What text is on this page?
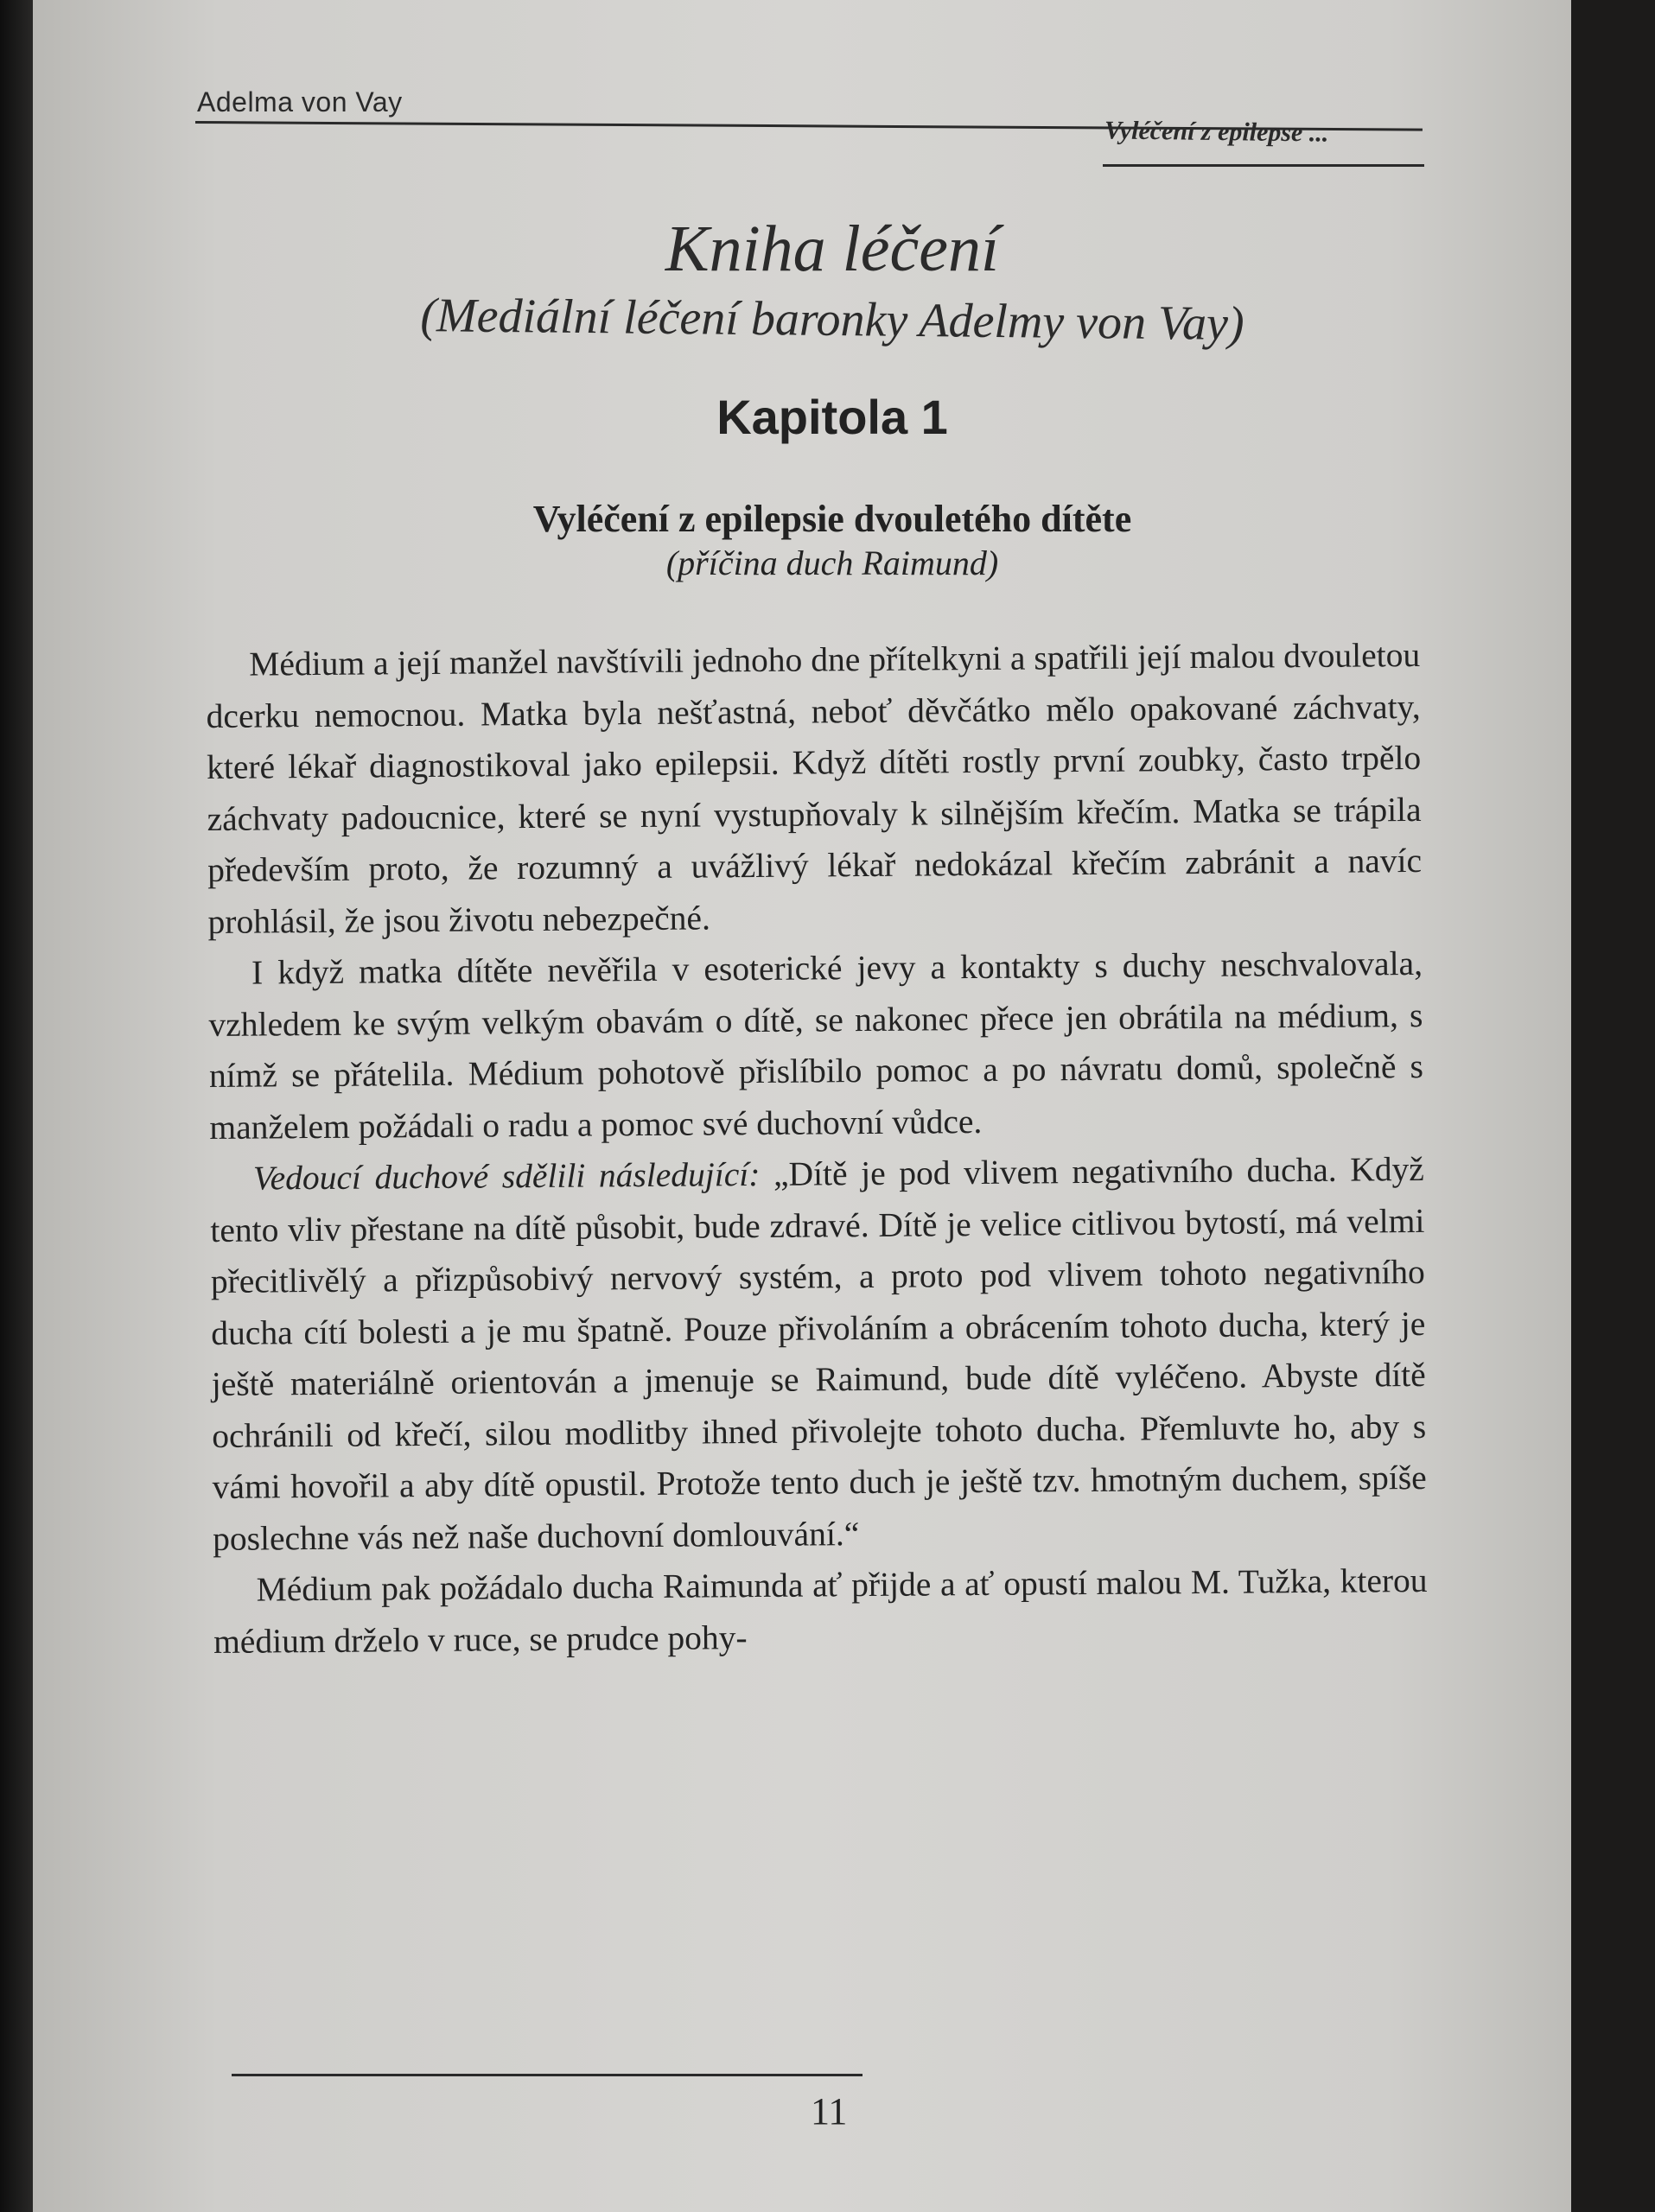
Adelma von Vay
Vyléčení z epilepse ...
Kniha léčení
(Mediální léčení baronky Adelmy von Vay)
Kapitola 1
Vyléčení z epilepsie dvouletého dítěte
(příčina duch Raimund)

Médium a její manžel navštívili jednoho dne přítelkyni a spatřili její malou dvouletou dcerku nemocnou. Matka byla nešťastná, neboť děvčátko mělo opakované záchvaty, které lékař diagnostikoval jako epilepsii. Když dítěti rostly první zoubky, často trpělo záchvaty padoucnice, které se nyní vystupňovaly k silnějším křečím. Matka se trápila především proto, že rozumný a uvážlivý lékař nedokázal křečím zabránit a navíc prohlásil, že jsou životu nebezpečné.

I když matka dítěte nevěřila v esoterické jevy a kontakty s duchy neschvalovala, vzhledem ke svým velkým obavám o dítě, se nakonec přece jen obrátila na médium, s nímž se přátelila. Médium pohotově přislíbilo pomoc a po návratu domů, společně s manželem požádali o radu a pomoc své duchovní vůdce.

Vedoucí duchové sdělili následující: „Dítě je pod vlivem negativního ducha. Když tento vliv přestane na dítě působit, bude zdravé. Dítě je velice citlivou bytostí, má velmi přecitlivělý a přizpůsobivý nervový systém, a proto pod vlivem tohoto negativního ducha cítí bolesti a je mu špatně. Pouze přivoláním a obrácením tohoto ducha, který je ještě materiálně orientován a jmenuje se Raimund, bude dítě vyléčeno. Abyste dítě ochránili od křečí, silou modlitby ihned přivolejte tohoto ducha. Přemluvte ho, aby s vámi hovořil a aby dítě opustil. Protože tento duch je ještě tzv. hmotným duchem, spíše poslechne vás než naše duchovní domlouvání.“

Médium pak požádalo ducha Raimunda ať přijde a ať opustí malou M. Tužka, kterou médium drželo v ruce, se prudce pohy-

11
